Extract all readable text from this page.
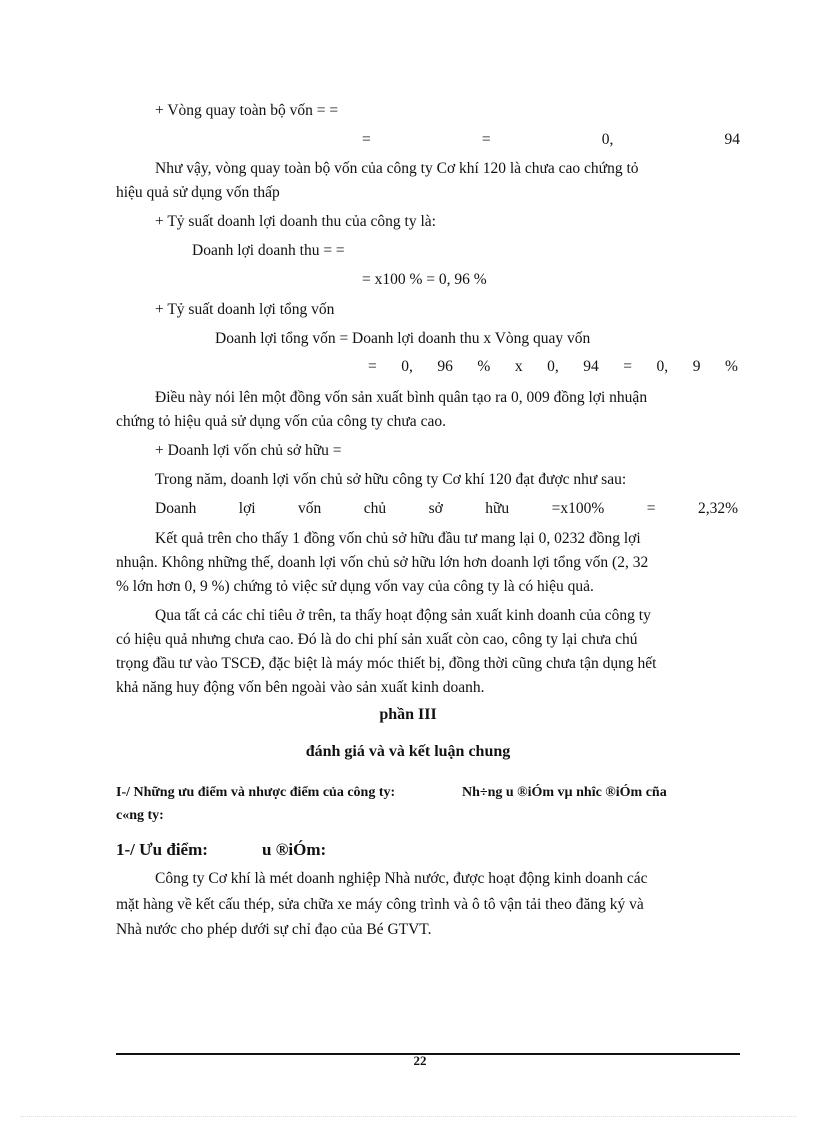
+ Vòng quay toàn bộ vốn = =
=	=	0,	94
Như vậy, vòng quay toàn bộ vốn của công ty Cơ khí 120 là chưa cao chứng tỏ
hiệu quả sử dụng vốn thấp
+ Tỷ suất doanh lợi doanh thu của công ty là:
Doanh lợi doanh thu = =
= x100 % = 0, 96 %
+ Tỷ suất doanh lợi tổng vốn
Doanh lợi tổng vốn = Doanh lợi doanh thu x Vòng quay vốn
= 0, 96 % x 0, 94 = 0, 9 %
Điều này nói lên một đồng vốn sản xuất bình quân tạo ra 0, 009 đồng lợi nhuận
chứng tỏ hiệu quả sử dụng vốn của công ty chưa cao.
+ Doanh lợi vốn chủ sở hữu =
Trong năm, doanh lợi vốn chủ sở hữu công ty Cơ khí 120 đạt được như sau:
Doanh	lợi	vốn	chủ	sở	hữu	=x100%	=	2,32%
Kết quả trên cho thấy 1 đồng vốn chủ sở hữu đầu tư mang lại 0, 0232 đồng lợi
nhuận. Không những thế, doanh lợi vốn chủ sở hữu lớn hơn doanh lợi tổng vốn (2, 32
% lớn hơn 0, 9 %) chứng tỏ việc sử dụng vốn vay của công ty là có hiệu quả.
Qua tất cả các chỉ tiêu ở trên, ta thấy hoạt động sản xuất kinh doanh của công ty
có hiệu quả nhưng chưa cao. Đó là do chi phí sản xuất còn cao, công ty lại chưa chú
trọng đầu tư vào TSCĐ, đặc biệt là máy móc thiết bị, đồng thời cũng chưa tận dụng hết
khả năng huy động vốn bên ngoài vào sản xuất kinh doanh.
phần III
đánh giá và và kết luận chung
I-/ Những ưu điểm và nhược điểm của công ty:	Nh÷ng u ®iÓm vµ nhîc ®iÓm cña
c«ng ty:
1-/ Ưu điểm:	u ®iÓm:
Công ty Cơ khí là mét doanh nghiệp Nhà nước, được hoạt động kinh doanh các
mặt hàng về kết cấu thép, sửa chữa xe máy công trình và ô tô vận tải theo đăng ký và
Nhà nước cho phép dưới sự chỉ đạo của Bé GTVT.
22
